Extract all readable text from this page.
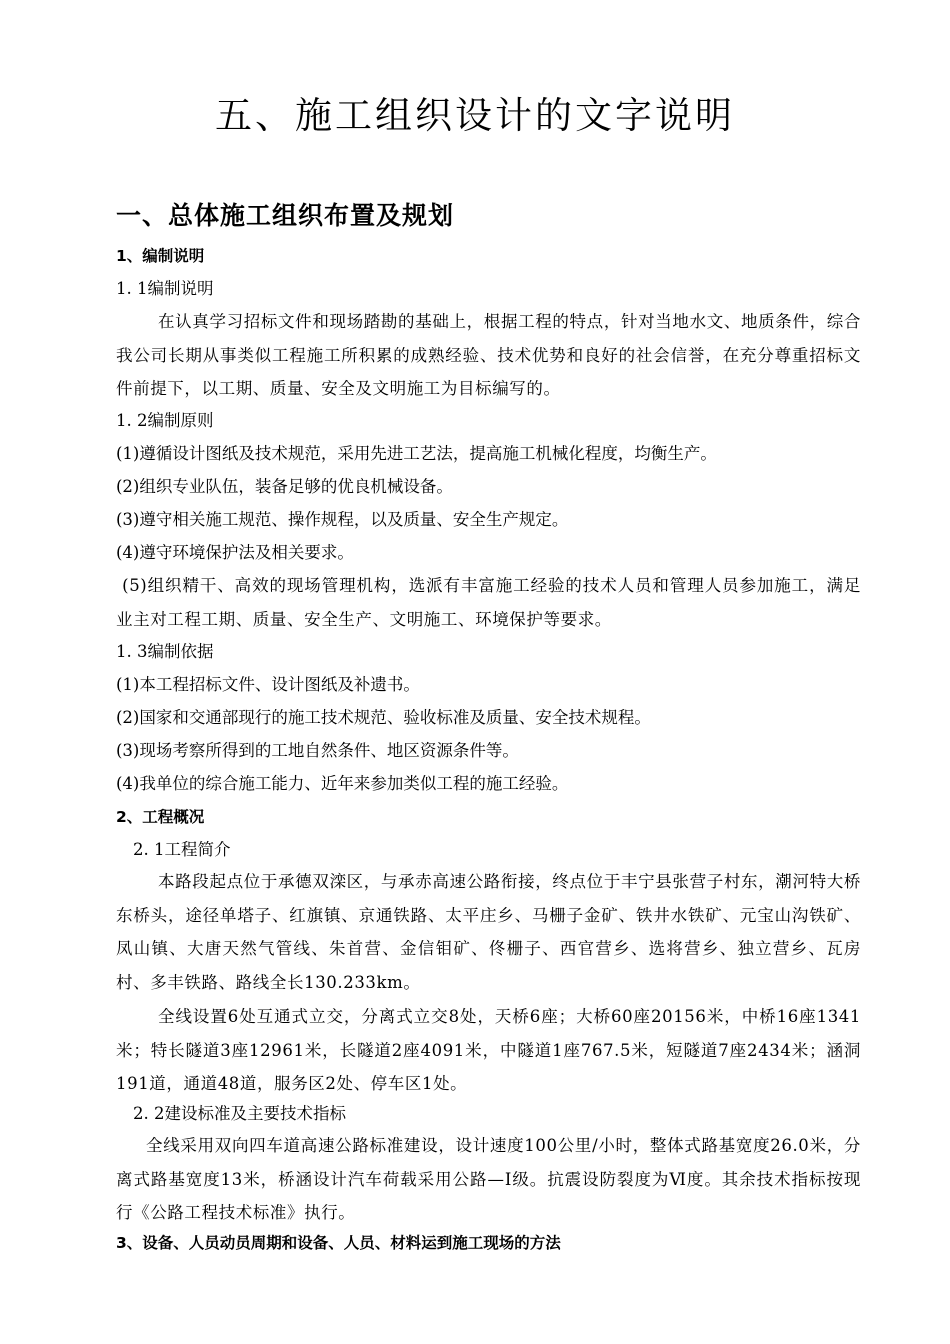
五、施工组织设计的文字说明
一、总体施工组织布置及规划
1、编制说明
1. 1编制说明
在认真学习招标文件和现场踏勘的基础上，根据工程的特点，针对当地水文、地质条件，综合我公司长期从事类似工程施工所积累的成熟经验、技术优势和良好的社会信誉，在充分尊重招标文件前提下，以工期、质量、安全及文明施工为目标编写的。
1. 2编制原则
(1)遵循设计图纸及技术规范，采用先进工艺法，提高施工机械化程度，均衡生产。
(2)组织专业队伍，装备足够的优良机械设备。
(3)遵守相关施工规范、操作规程，以及质量、安全生产规定。
(4)遵守环境保护法及相关要求。
(5)组织精干、高效的现场管理机构，选派有丰富施工经验的技术人员和管理人员参加施工，满足业主对工程工期、质量、安全生产、文明施工、环境保护等要求。
1. 3编制依据
(1)本工程招标文件、设计图纸及补遗书。
(2)国家和交通部现行的施工技术规范、验收标准及质量、安全技术规程。
(3)现场考察所得到的工地自然条件、地区资源条件等。
(4)我单位的综合施工能力、近年来参加类似工程的施工经验。
2、工程概况
2. 1工程简介
本路段起点位于承德双滦区，与承赤高速公路衔接，终点位于丰宁县张营子村东，潮河特大桥东桥头，途径单塔子、红旗镇、京通铁路、太平庄乡、马栅子金矿、铁井水铁矿、元宝山沟铁矿、凤山镇、大唐天然气管线、朱首营、金信钼矿、佟栅子、西官营乡、选将营乡、独立营乡、瓦房村、多丰铁路、路线全长130.233km。
全线设置6处互通式立交，分离式立交8处，天桥6座；大桥60座20156米，中桥16座1341米；特长隧道3座12961米，长隧道2座4091米，中隧道1座767.5米，短隧道7座2434米；涵洞191道，通道48道，服务区2处、停车区1处。
2. 2建设标准及主要技术指标
全线采用双向四车道高速公路标准建设，设计速度100公里/小时，整体式路基宽度26.0米，分离式路基宽度13米，桥涵设计汽车荷载采用公路—Ⅰ级。抗震设防裂度为Ⅵ度。其余技术指标按现行《公路工程技术标准》执行。
3、设备、人员动员周期和设备、人员、材料运到施工现场的方法
